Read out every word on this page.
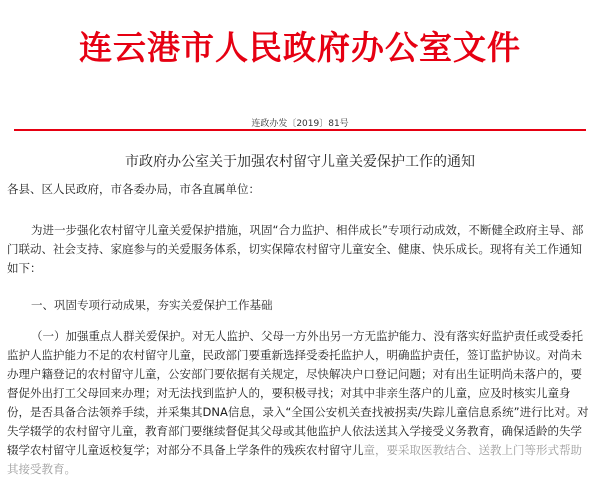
连云港市人民政府办公室文件
连政办发〔2019〕81号
市政府办公室关于加强农村留守儿童关爱保护工作的通知

各县、区人民政府，市各委办局，市各直属单位：

为进一步强化农村留守儿童关爱保护措施，巩固“合力监护、相伴成长”专项行动成效，不断健全政府主导、部门联动、社会支持、家庭参与的关爱服务体系，切实保障农村留守儿童安全、健康、快乐成长。现将有关工作通知如下：

一、巩固专项行动成果，夯实关爱保护工作基础

（一）加强重点人群关爱保护。对无人监护、父母一方外出另一方无监护能力、没有落实好监护责任或受委托监护人监护能力不足的农村留守儿童，民政部门要重新选择受委托监护人，明确监护责任，签订监护协议。对尚未办理户籍登记的农村留守儿童，公安部门要依据有关规定，尽快解决户口登记问题；对有出生证明尚未落户的，要督促外出打工父母回来办理；对无法找到监护人的，要积极寻找；对其中非亲生落户的儿童，应及时核实儿童身份，是否具备合法领养手续，并采集其DNA信息，录入“全国公安机关查找被拐卖/失踪儿童信息系统”进行比对。对失学辍学的农村留守儿童，教育部门要继续督促其父母或其他监护人依法送其入学接受义务教育，确保适龄的失学辍学农村留守儿童返校复学；对部分不具备上学条件的残疾农村留守儿童，要采取医教结合、送教上门等形式帮助其接受教育。
